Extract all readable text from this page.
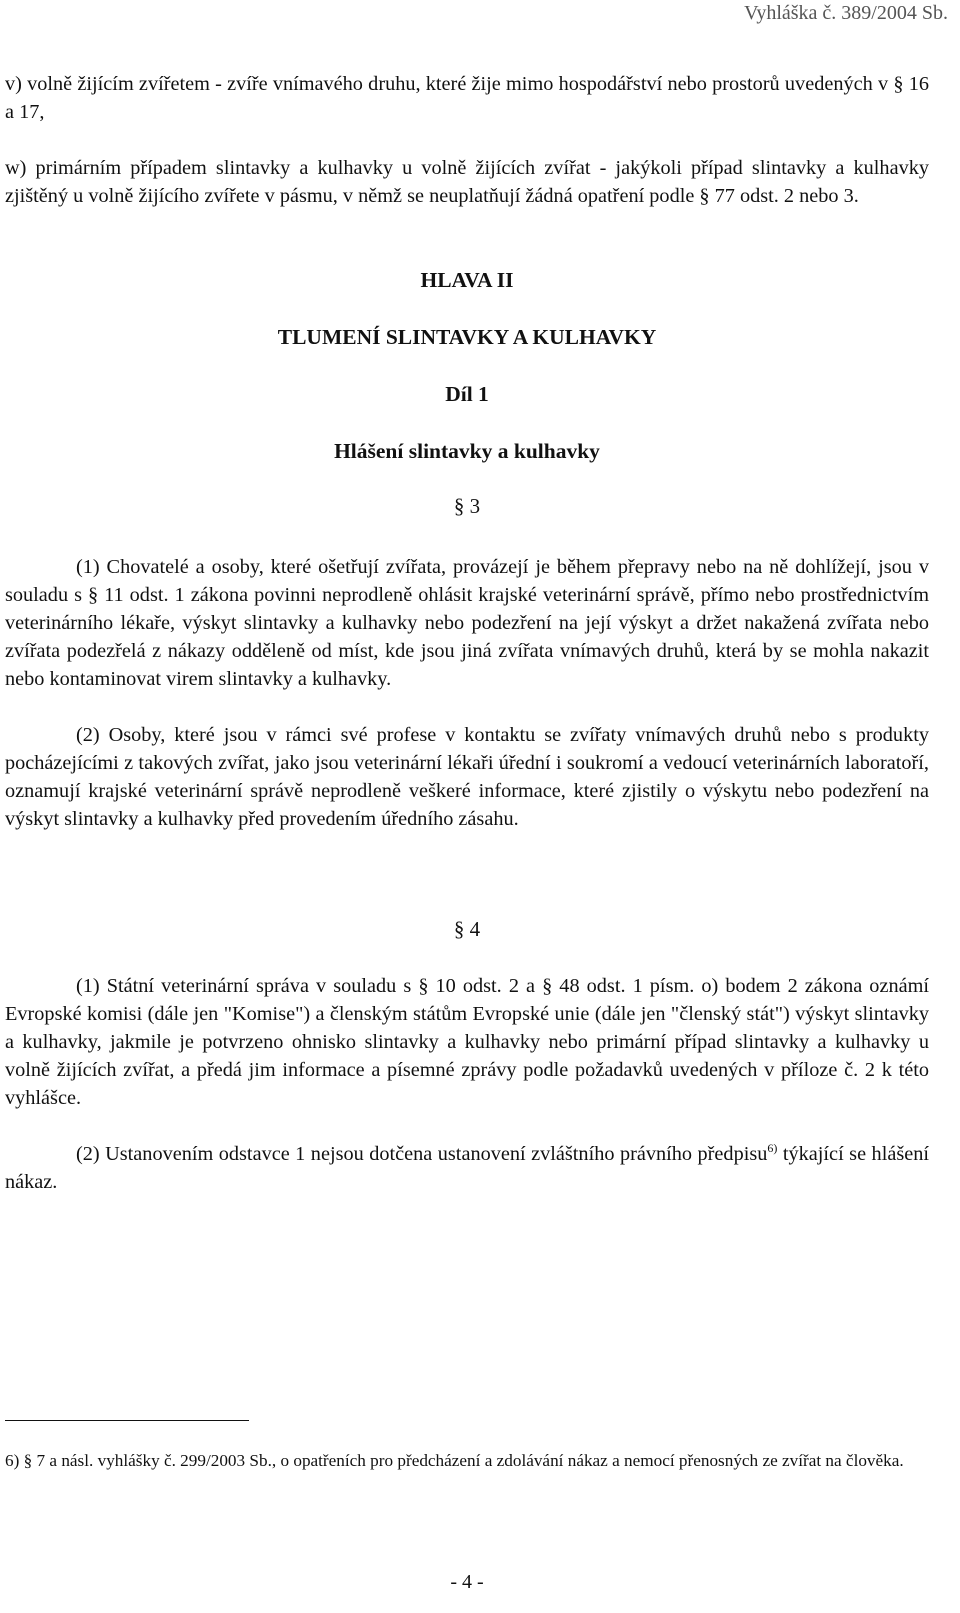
Vyhláška č. 389/2004 Sb.

v) volně žijícím zvířetem - zvíře vnímavého druhu, které žije mimo hospodářství nebo prostorů uvedených v § 16 a 17,

w) primárním případem slintavky a kulhavky u volně žijících zvířat - jakýkoli případ slintavky a kulhavky zjištěný u volně žijícího zvířete v pásmu, v němž se neuplatňují žádná opatření podle § 77 odst. 2 nebo 3.

HLAVA II
TLUMENÍ SLINTAVKY A KULHAVKY
Díl 1
Hlášení slintavky a kulhavky
§ 3

(1) Chovatelé a osoby, které ošetřují zvířata, provázejí je během přepravy nebo na ně dohlížejí, jsou v souladu s § 11 odst. 1 zákona povinni neprodleně ohlásit krajské veterinární správě, přímo nebo prostřednictvím veterinárního lékaře, výskyt slintavky a kulhavky nebo podezření na její výskyt a držet nakažená zvířata nebo zvířata podezřelá z nákazy odděleně od míst, kde jsou jiná zvířata vnímavých druhů, která by se mohla nakazit nebo kontaminovat virem slintavky a kulhavky.

(2) Osoby, které jsou v rámci své profese v kontaktu se zvířaty vnímavých druhů nebo s produkty pocházejícími z takových zvířat, jako jsou veterinární lékaři úřední i soukromí a vedoucí veterinárních laboratoří, oznamují krajské veterinární správě neprodleně veškeré informace, které zjistily o výskytu nebo podezření na výskyt slintavky a kulhavky před provedením úředního zásahu.

§ 4

(1) Státní veterinární správa v souladu s § 10 odst. 2 a § 48 odst. 1 písm. o) bodem 2 zákona oznámí Evropské komisi (dále jen "Komise") a členským státům Evropské unie (dále jen "členský stát") výskyt slintavky a kulhavky, jakmile je potvrzeno ohnisko slintavky a kulhavky nebo primární případ slintavky a kulhavky u volně žijících zvířat, a předá jim informace a písemné zprávy podle požadavků uvedených v příloze č. 2 k této vyhlášce.

(2) Ustanovením odstavce 1 nejsou dotčena ustanovení zvláštního právního předpisu$^{6)}$ týkající se hlášení nákaz.

6) § 7 a násl. vyhlášky č. 299/2003 Sb., o opatřeních pro předcházení a zdolávání nákaz a nemocí přenosných ze zvířat na člověka.
- 4 -
